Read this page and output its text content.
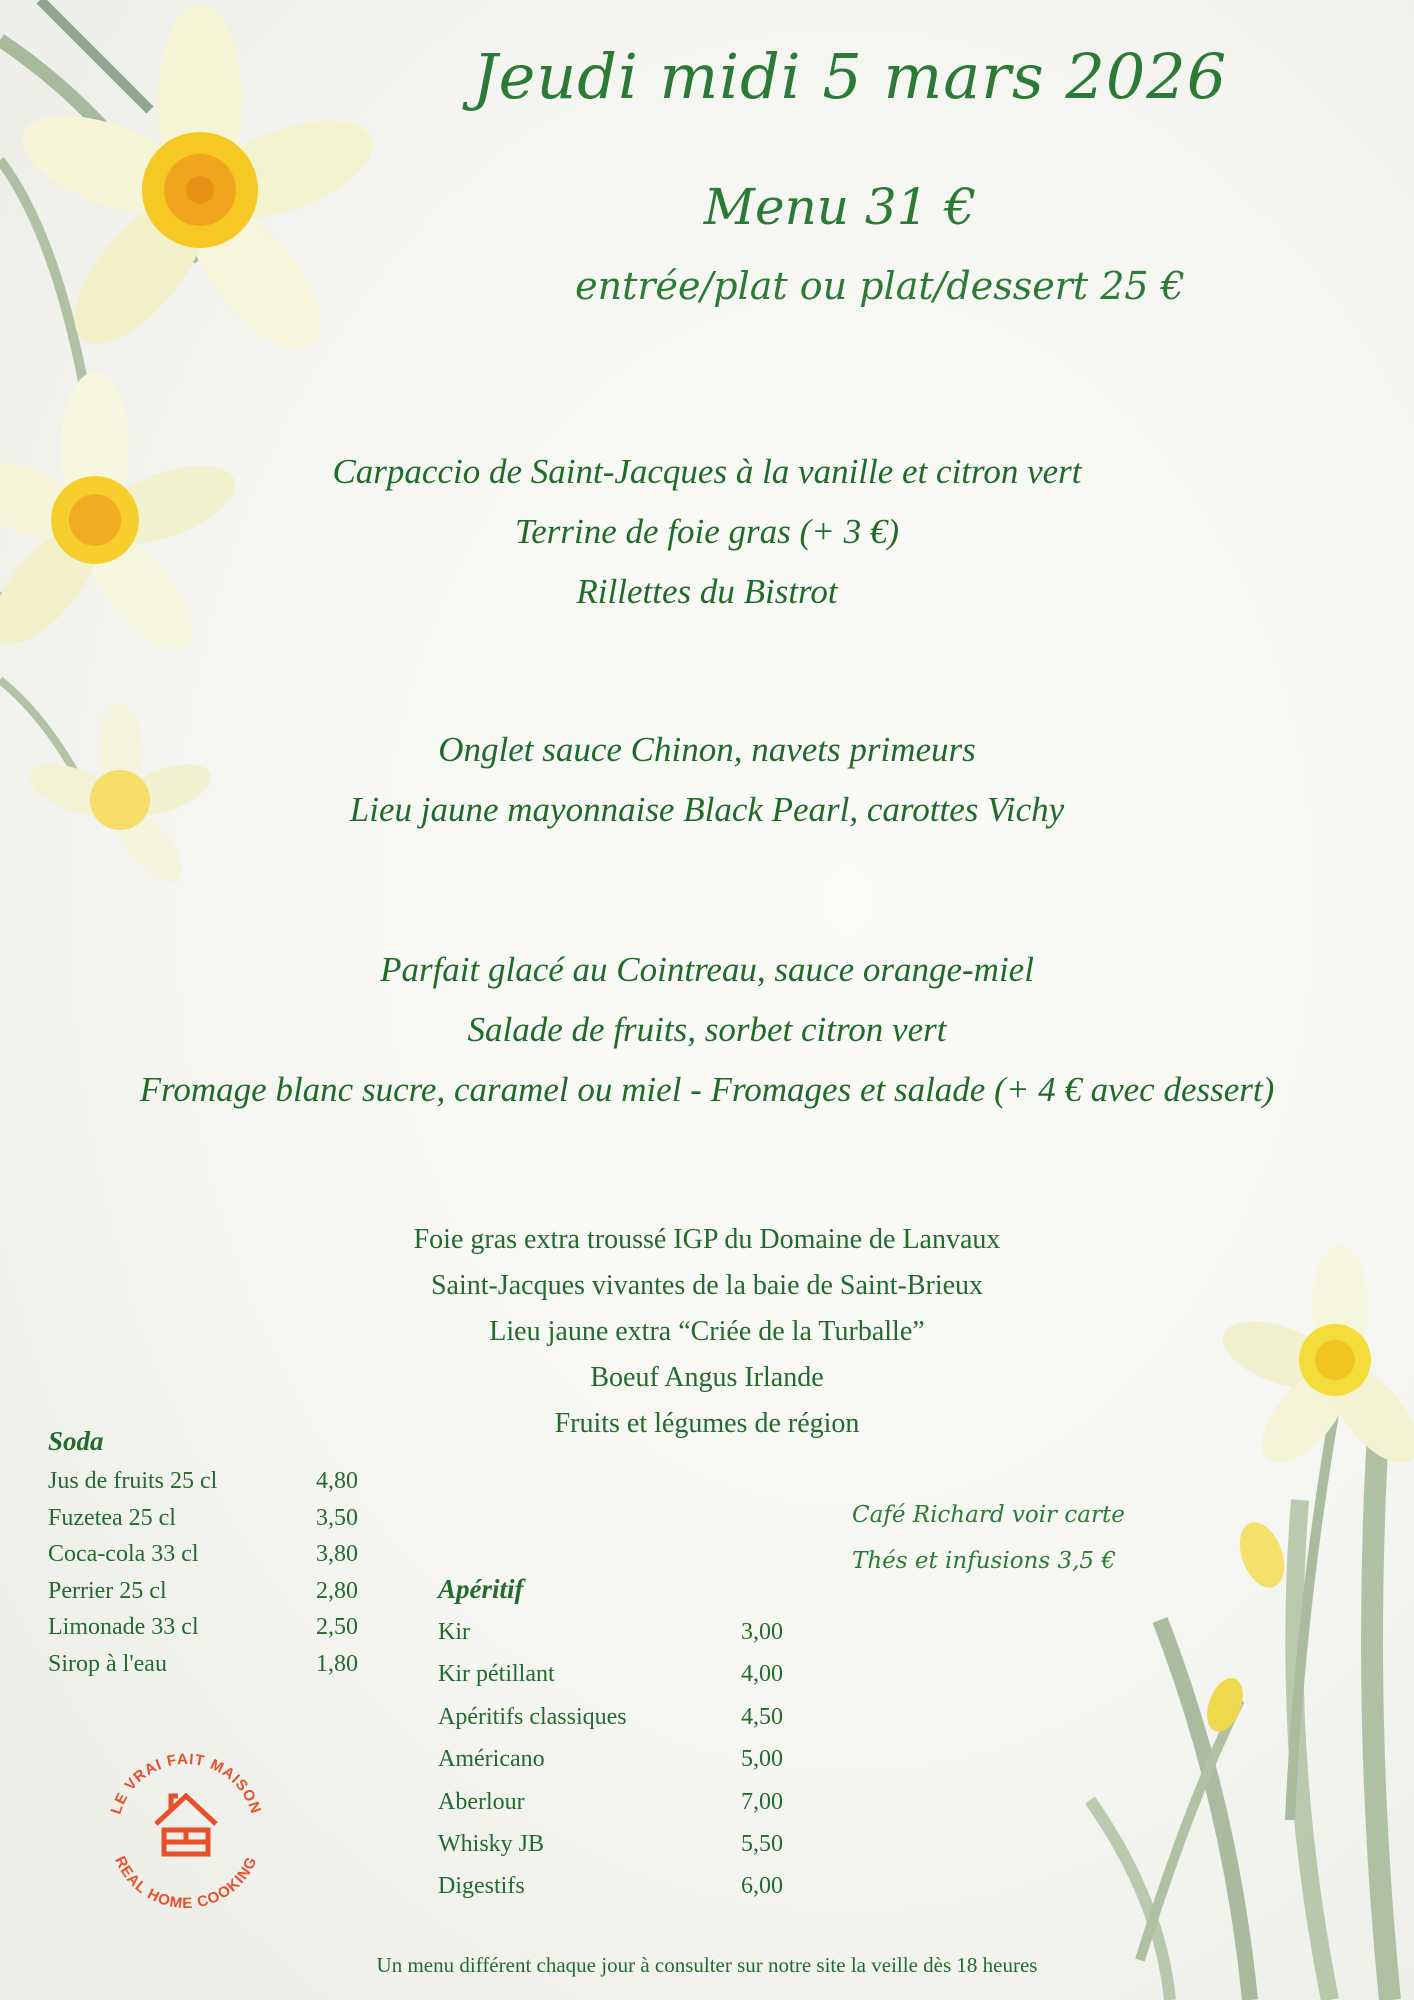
Jeudi midi 5 mars 2026
Menu 31 €
entrée/plat ou plat/dessert 25 €
Carpaccio de Saint-Jacques à la vanille et citron vert
Terrine de foie gras (+ 3 €)
Rillettes du Bistrot
Onglet sauce Chinon, navets primeurs
Lieu jaune mayonnaise Black Pearl, carottes Vichy
Parfait glacé au Cointreau, sauce orange-miel
Salade de fruits, sorbet citron vert
Fromage blanc sucre, caramel ou miel - Fromages et salade (+ 4 € avec dessert)
Foie gras extra troussé IGP du Domaine de Lanvaux
Saint-Jacques vivantes de la baie de Saint-Brieux
Lieu jaune extra “Criée de la Turballe”
Boeuf Angus Irlande
Fruits et légumes de région
Soda
Jus de fruits 25 cl	4,80
Fuzetea 25 cl	3,50
Coca-cola 33 cl	3,80
Perrier 25 cl	2,80
Limonade 33 cl	2,50
Sirop à l'eau	1,80
Apéritif
Kir	3,00
Kir pétillant	4,00
Apéritifs classiques	4,50
Américano	5,00
Aberlour	7,00
Whisky JB	5,50
Digestifs	6,00
Café Richard voir carte
Thés et infusions 3,5 €
LE VRAI FAIT MAISON
REAL HOME COOKING
Un menu différent chaque jour à consulter sur notre site la veille dès 18 heures
